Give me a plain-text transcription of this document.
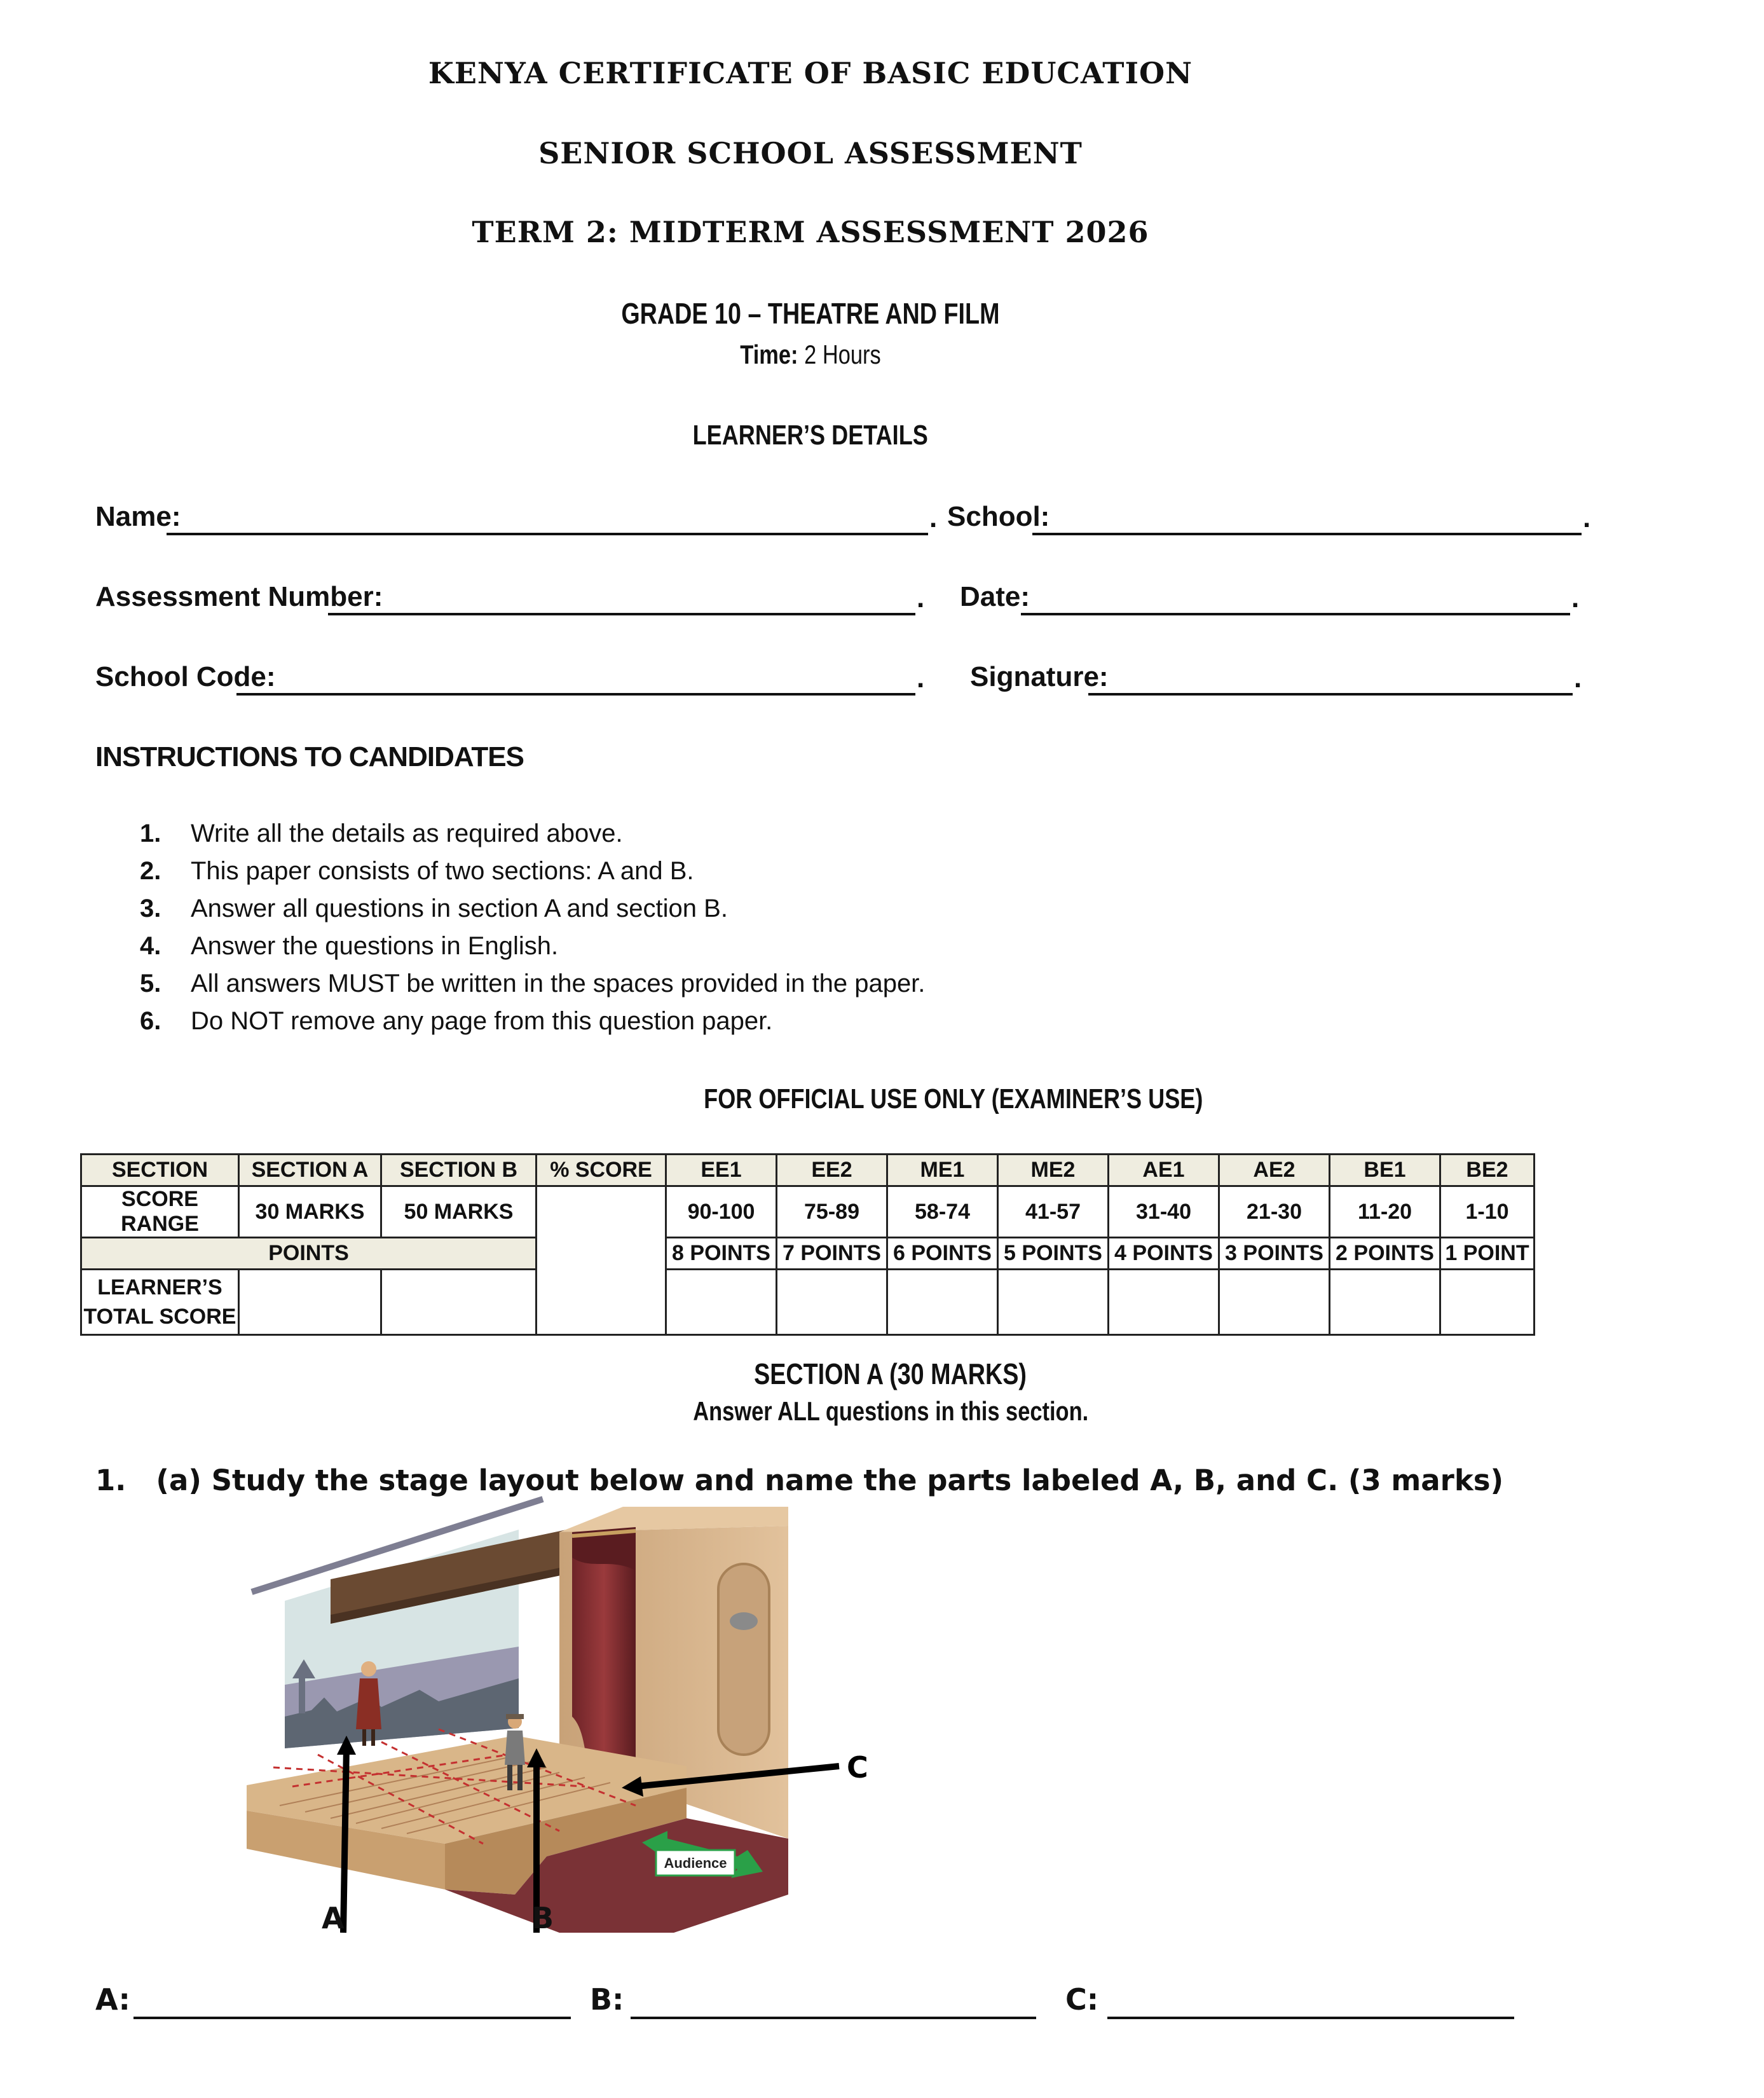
KENYA CERTIFICATE OF BASIC EDUCATION
SENIOR SCHOOL ASSESSMENT
TERM 2: MIDTERM ASSESSMENT 2026
GRADE 10 – THEATRE AND FILM
Time: 2 Hours
LEARNER’S DETAILS
Name:	. School:	.
Assessment Number:	. Date:	.
School Code:	. Signature:	.
INSTRUCTIONS TO CANDIDATES
1.	Write all the details as required above.
2.	This paper consists of two sections: A and B.
3.	Answer all questions in section A and section B.
4.	Answer the questions in English.
5.	All answers MUST be written in the spaces provided in the paper.
6.	Do NOT remove any page from this question paper.
FOR OFFICIAL USE ONLY (EXAMINER’S USE)
SECTION	SECTION A	SECTION B	% SCORE	EE1	EE2	ME1	ME2	AE1	AE2	BE1	BE2
SCORE RANGE	30 MARKS	50 MARKS		90-100	75-89	58-74	41-57	31-40	21-30	11-20	1-10
POINTS				8 POINTS	7 POINTS	6 POINTS	5 POINTS	4 POINTS	3 POINTS	2 POINTS	1 POINT
LEARNER’S
TOTAL SCORE											
SECTION A (30 MARKS)
Answer ALL questions in this section.
1. (a) Study the stage layout below and name the parts labeled A, B, and C. (3 marks)
Audience
C
A	B
A:	B:	C:
